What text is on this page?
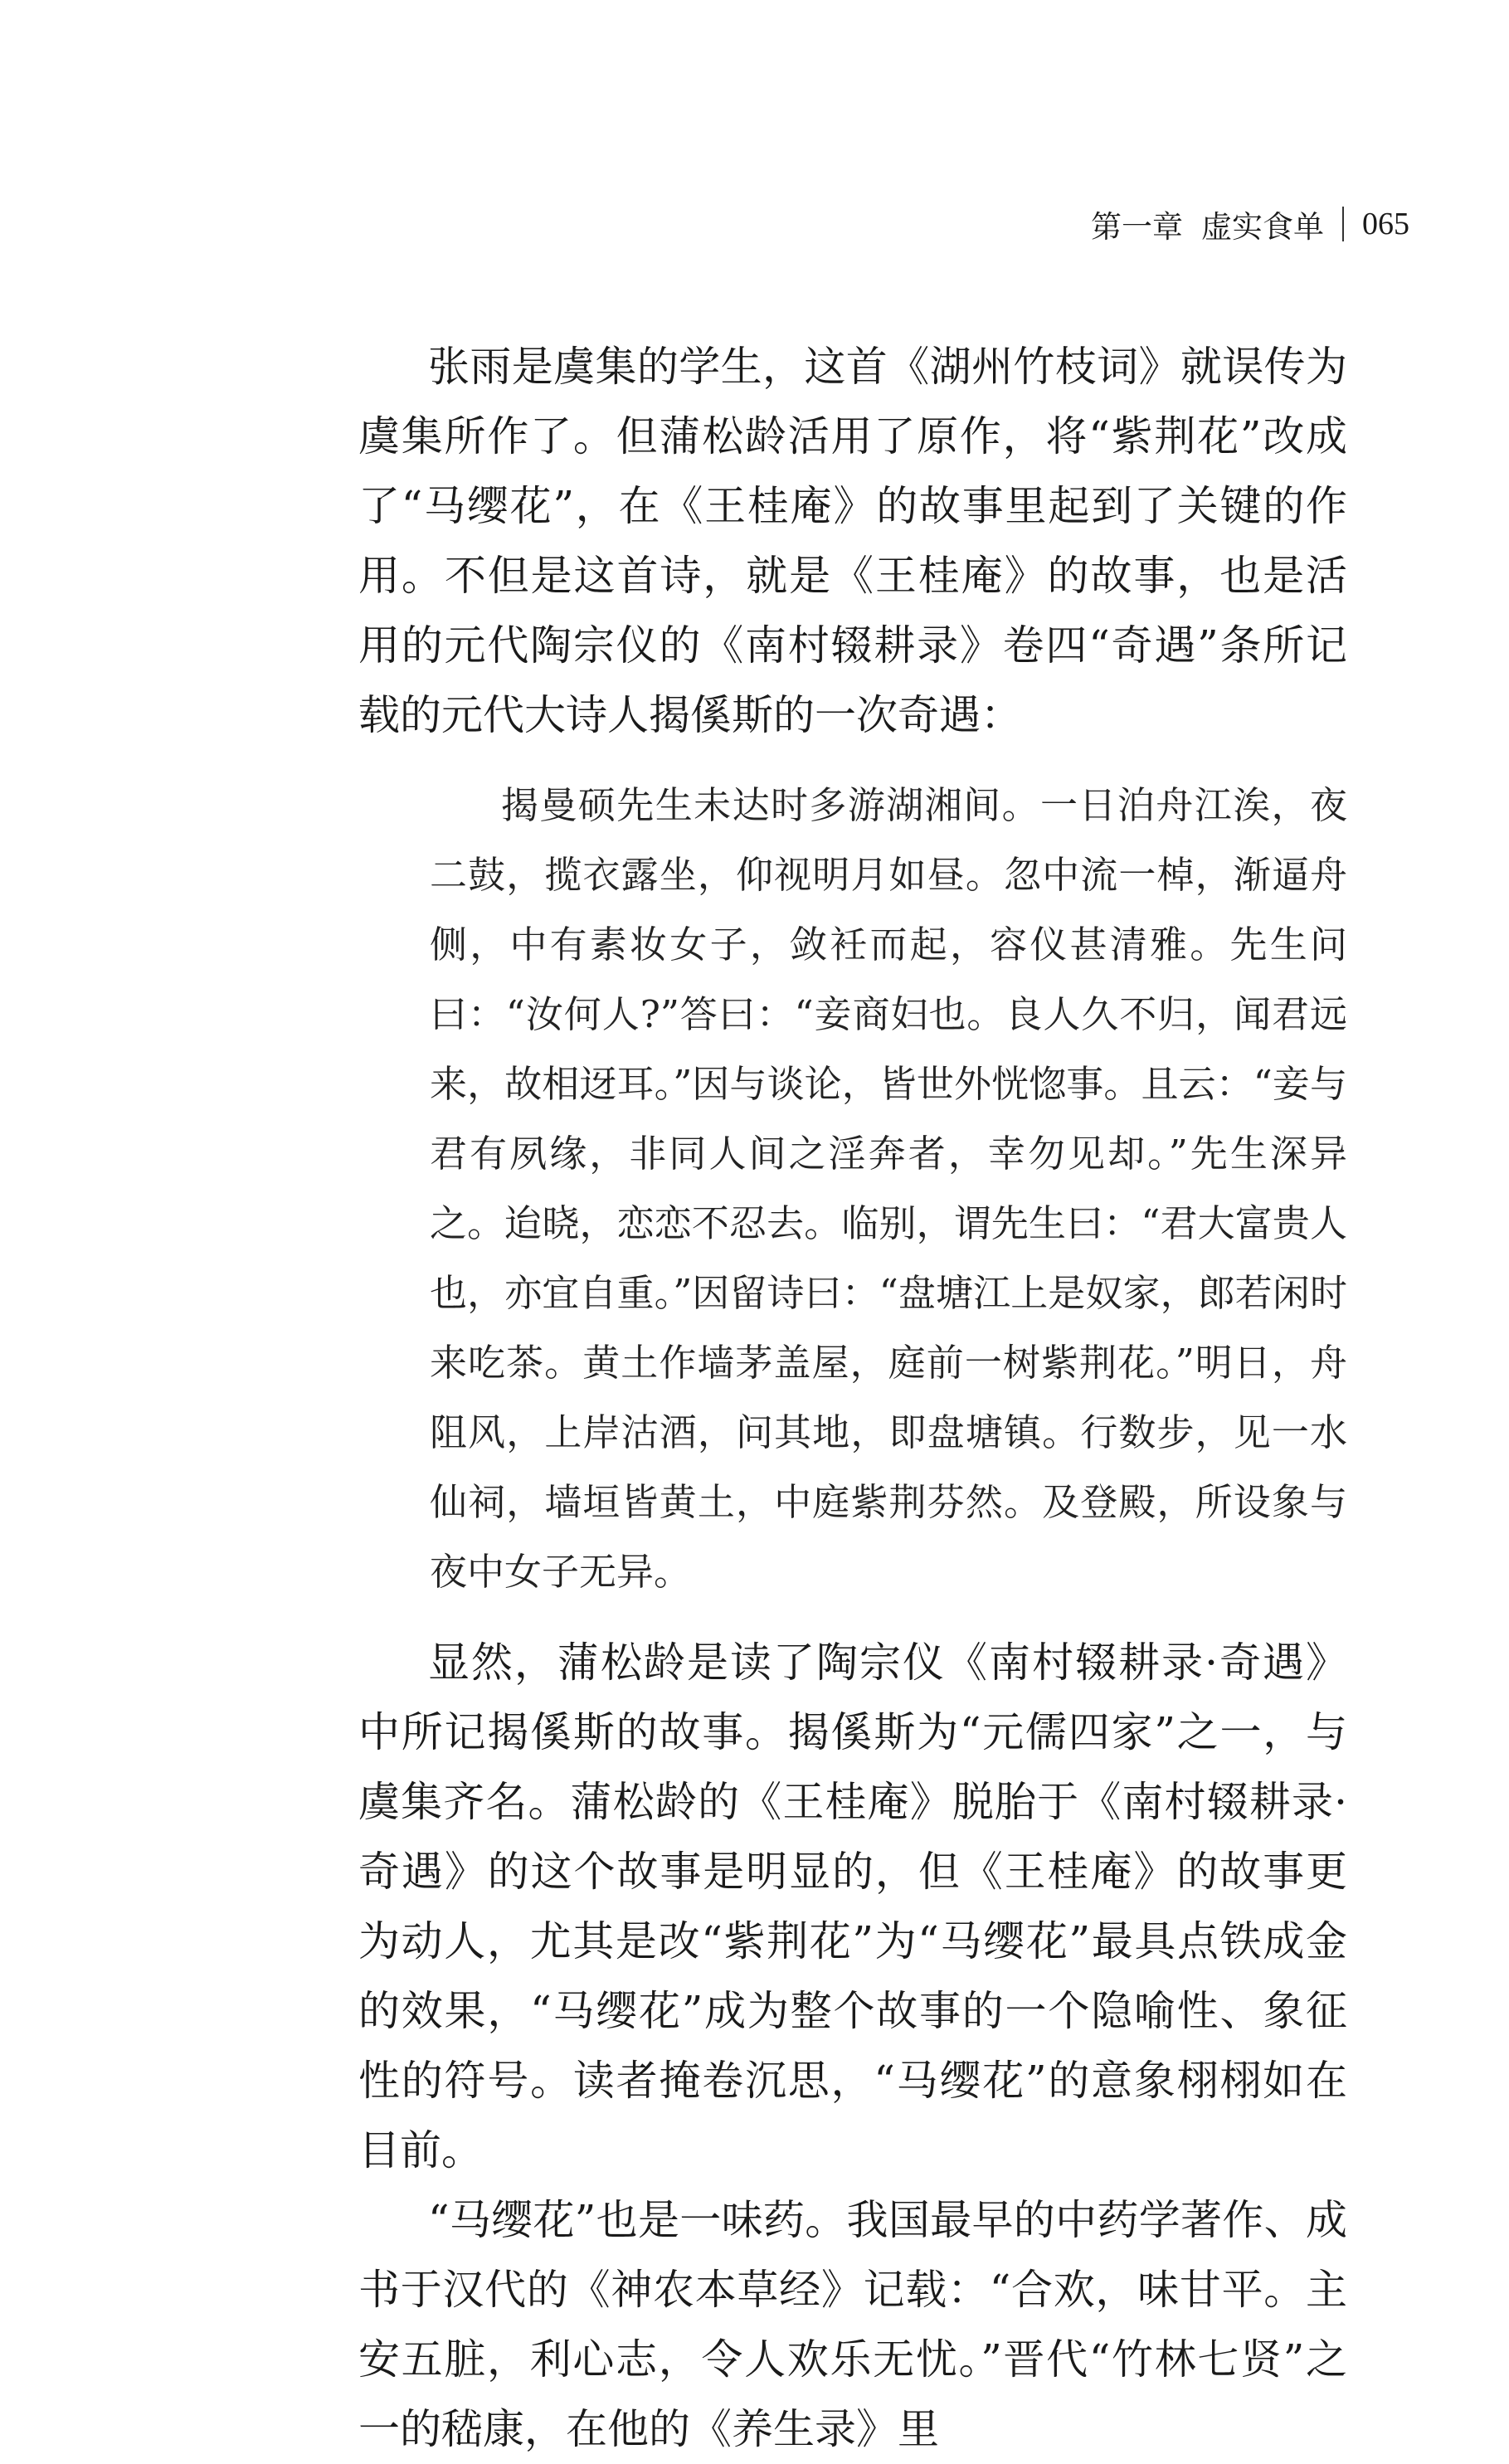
第一章 虚实食单 065

张雨是虞集的学生，这首《湖州竹枝词》就误传为虞集所作了。但蒲松龄活用了原作，将“紫荆花”改成了“马缨花”，在《王桂庵》的故事里起到了关键的作用。不但是这首诗，就是《王桂庵》的故事，也是活用的元代陶宗仪的《南村辍耕录》卷四“奇遇”条所记载的元代大诗人揭傒斯的一次奇遇：

揭曼硕先生未达时多游湖湘间。一日泊舟江涘，夜二鼓，揽衣露坐，仰视明月如昼。忽中流一棹，渐逼舟侧，中有素妆女子，敛衽而起，容仪甚清雅。先生问曰：“汝何人?”答曰：“妾商妇也。良人久不归，闻君远来，故相迓耳。”因与谈论，皆世外恍惚事。且云：“妾与君有夙缘，非同人间之淫奔者，幸勿见却。”先生深异之。迨晓，恋恋不忍去。临别，谓先生曰：“君大富贵人也，亦宜自重。”因留诗曰：“盘塘江上是奴家，郎若闲时来吃茶。黄土作墙茅盖屋，庭前一树紫荆花。”明日，舟阻风，上岸沽酒，问其地，即盘塘镇。行数步，见一水仙祠，墙垣皆黄土，中庭紫荆芬然。及登殿，所设象与夜中女子无异。

显然，蒲松龄是读了陶宗仪《南村辍耕录·奇遇》中所记揭傒斯的故事。揭傒斯为“元儒四家”之一，与虞集齐名。蒲松龄的《王桂庵》脱胎于《南村辍耕录·奇遇》的这个故事是明显的，但《王桂庵》的故事更为动人，尤其是改“紫荆花”为“马缨花”最具点铁成金的效果，“马缨花”成为整个故事的一个隐喻性、象征性的符号。读者掩卷沉思，“马缨花”的意象栩栩如在目前。

“马缨花”也是一味药。我国最早的中药学著作、成书于汉代的《神农本草经》记载：“合欢，味甘平。主安五脏，利心志，令人欢乐无忧。”晋代“竹林七贤”之一的嵇康，在他的《养生录》里
